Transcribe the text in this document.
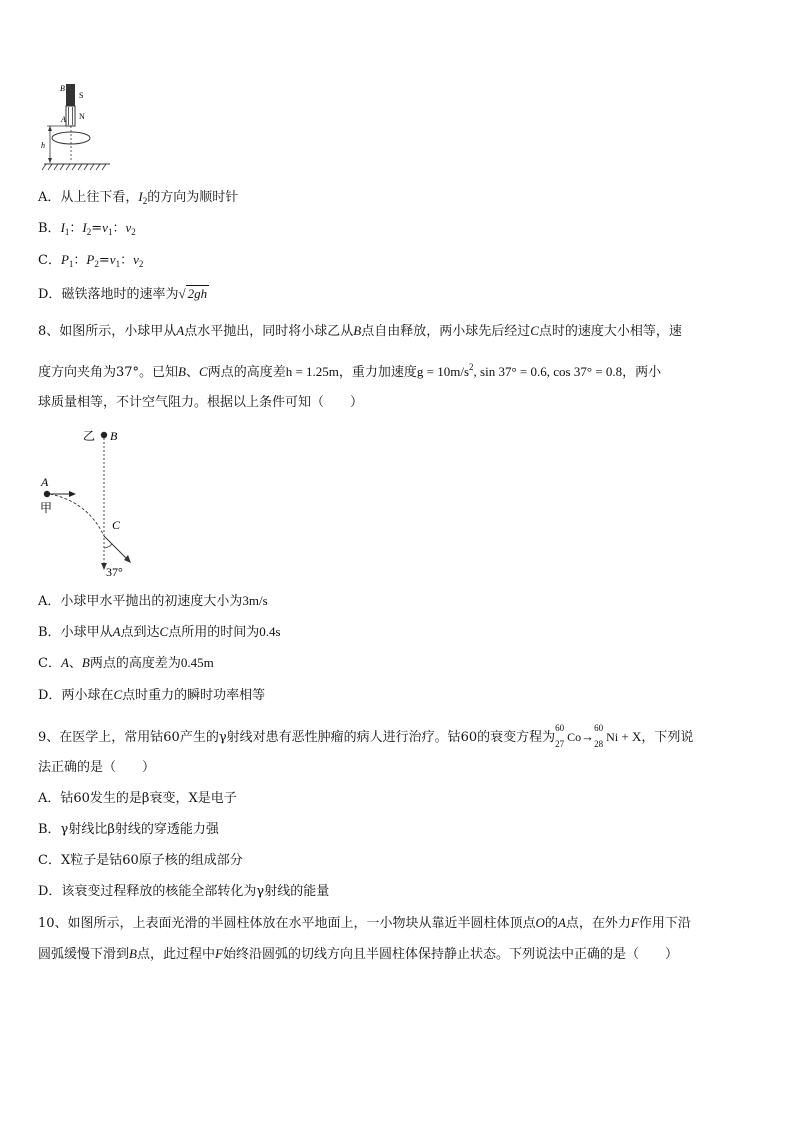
B
S
N
A
h
A．从上往下看，$I_2$的方向为顺时针
B．$I_1$：$I_2=v_1$：$v_2$
C．$P_1$：$P_2=v_1$：$v_2$
D．磁铁落地时的速率为√ 2gh
8、如图所示，小球甲从A点水平抛出，同时将小球乙从B点自由释放，两小球先后经过C点时的速度大小相等，速
度方向夹角为37°。已知B、C两点的高度差h = 1.25m，重力加速度$g = 10m/s^2$, sin 37° = 0.6, cos 37° = 0.8，两小
球质量相等，不计空气阻力。根据以上条件可知（　　）
乙 B
A
甲
C
37°
A．小球甲水平抛出的初速度大小为3m/s
B．小球甲从A点到达C点所用的时间为0.4s
C．A、B两点的高度差为0.45m
D．两小球在C点时重力的瞬时功率相等
9、在医学上，常用钴60产生的γ射线对患有恶性肿瘤的病人进行治疗。钴60的衰变方程为
60
27 Co→
60
28 Ni + X，下列说
法正确的是（　　）
A．钴60发生的是β衰变，X是电子
B．γ射线比β射线的穿透能力强
C．X粒子是钴60原子核的组成部分
D．该衰变过程释放的核能全部转化为γ射线的能量
10、如图所示，上表面光滑的半圆柱体放在水平地面上，一小物块从靠近半圆柱体顶点O的A点，在外力F作用下沿
圆弧缓慢下滑到B点，此过程中F始终沿圆弧的切线方向且半圆柱体保持静止状态。下列说法中正确的是（　　）
